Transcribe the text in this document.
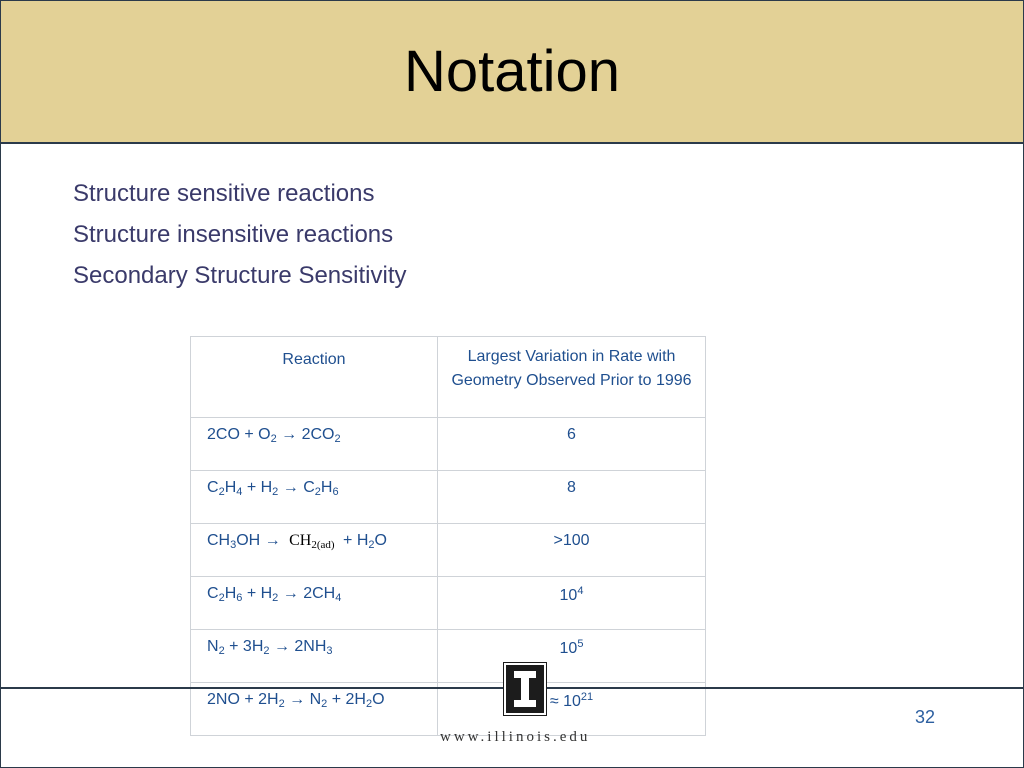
Notation
Structure sensitive reactions
Structure insensitive reactions
Secondary Structure Sensitivity
Reaction	Largest Variation in Rate with Geometry Observed Prior to 1996
$2CO + O_2 \to 2CO_2$	6
$C_2H_4 + H_2 \to C_2H_6$	8
$CH_3OH \to CH_{2(ad)} + H_2O$	>100
$C_2H_6 + H_2 \to 2CH_4$	$10^4$
$N_2 + 3H_2 \to 2NH_3$	$10^5$
$2NO + 2H_2 \to N_2 + 2H_2O$	≈ $10^{21}$
www.illinois.edu
32
